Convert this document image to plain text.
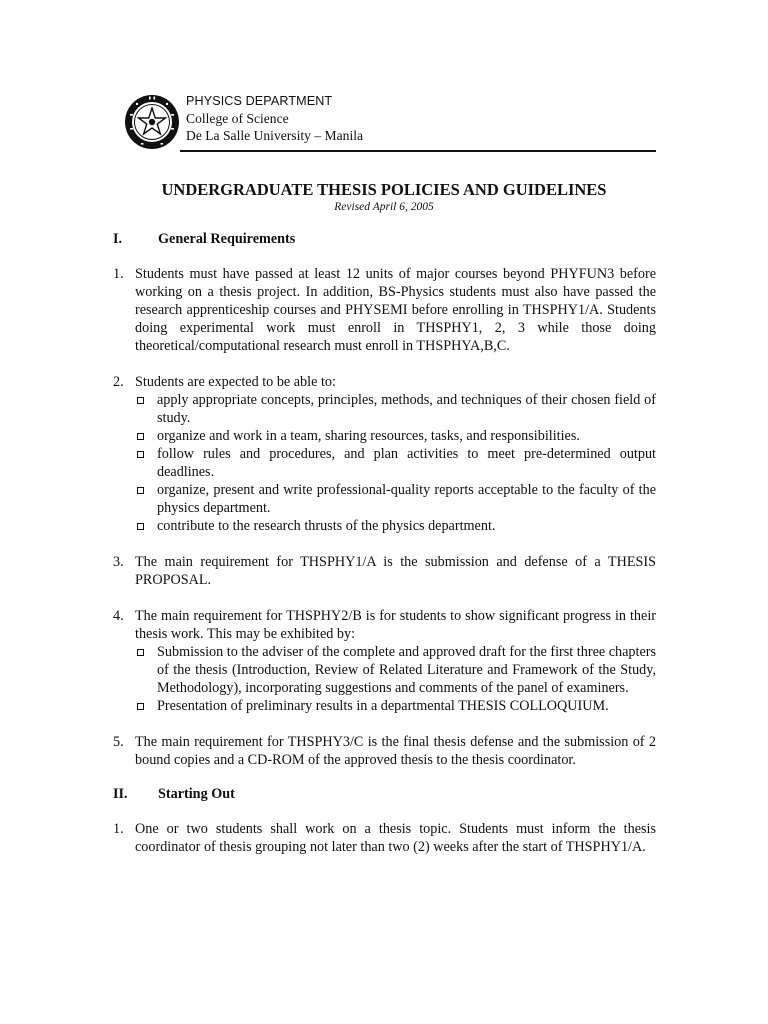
PHYSICS DEPARTMENT
College of Science
De La Salle University – Manila
UNDERGRADUATE THESIS POLICIES AND GUIDELINES
Revised April 6, 2005
I.	General Requirements
1. Students must have passed at least 12 units of major courses beyond PHYFUN3 before working on a thesis project. In addition, BS-Physics students must also have passed the research apprenticeship courses and PHYSEMI before enrolling in THSPHY1/A. Students doing experimental work must enroll in THSPHY1, 2, 3 while those doing theoretical/computational research must enroll in THSPHYA,B,C.
2. Students are expected to be able to:
apply appropriate concepts, principles, methods, and techniques of their chosen field of study.
organize and work in a team, sharing resources, tasks, and responsibilities.
follow rules and procedures, and plan activities to meet pre-determined output deadlines.
organize, present and write professional-quality reports acceptable to the faculty of the physics department.
contribute to the research thrusts of the physics department.
3. The main requirement for THSPHY1/A is the submission and defense of a THESIS PROPOSAL.
4. The main requirement for THSPHY2/B is for students to show significant progress in their thesis work. This may be exhibited by:
Submission to the adviser of the complete and approved draft for the first three chapters of the thesis (Introduction, Review of Related Literature and Framework of the Study, Methodology), incorporating suggestions and comments of the panel of examiners.
Presentation of preliminary results in a departmental THESIS COLLOQUIUM.
5. The main requirement for THSPHY3/C is the final thesis defense and the submission of 2 bound copies and a CD-ROM of the approved thesis to the thesis coordinator.
II.	Starting Out
1. One or two students shall work on a thesis topic. Students must inform the thesis coordinator of thesis grouping not later than two (2) weeks after the start of THSPHY1/A.
